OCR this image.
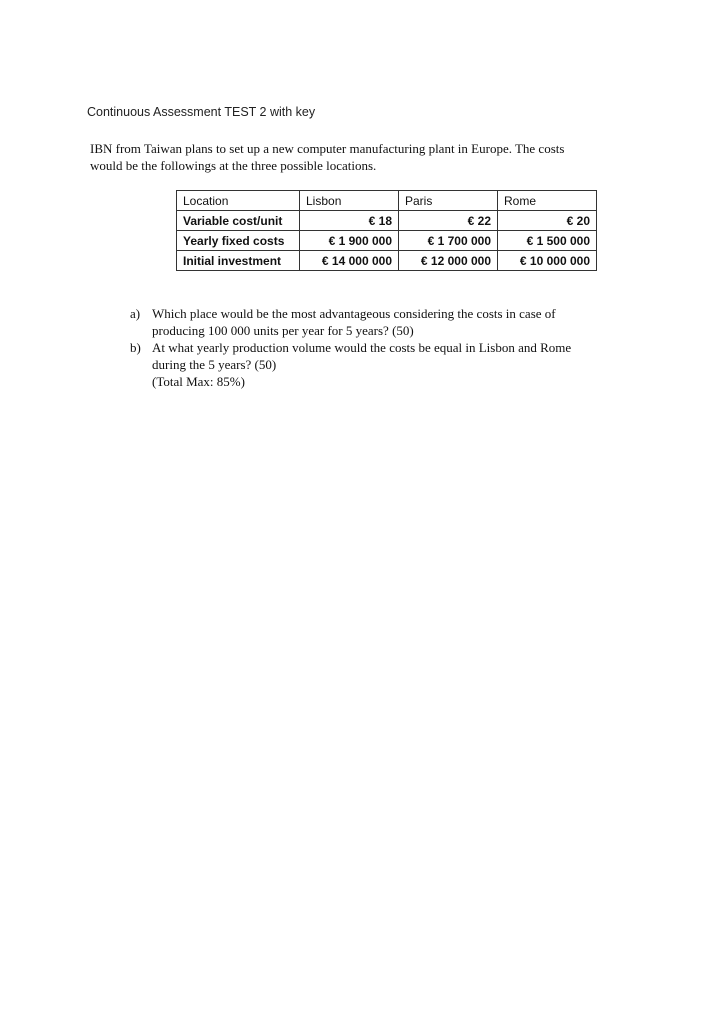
Continuous Assessment TEST 2 with key
IBN from Taiwan plans to set up a new computer manufacturing plant in Europe. The costs
would be the followings at the three possible locations.
Location	Lisbon	Paris	Rome
Variable cost/unit	€ 18	€ 22	€ 20
Yearly fixed costs	€ 1 900 000	€ 1 700 000	€ 1 500 000
Initial investment	€ 14 000 000	€ 12 000 000	€ 10 000 000
a) Which place would be the most advantageous considering the costs in case of
producing 100 000 units per year for 5 years? (50)
b) At what yearly production volume would the costs be equal in Lisbon and Rome
during the 5 years? (50)
(Total Max: 85%)
